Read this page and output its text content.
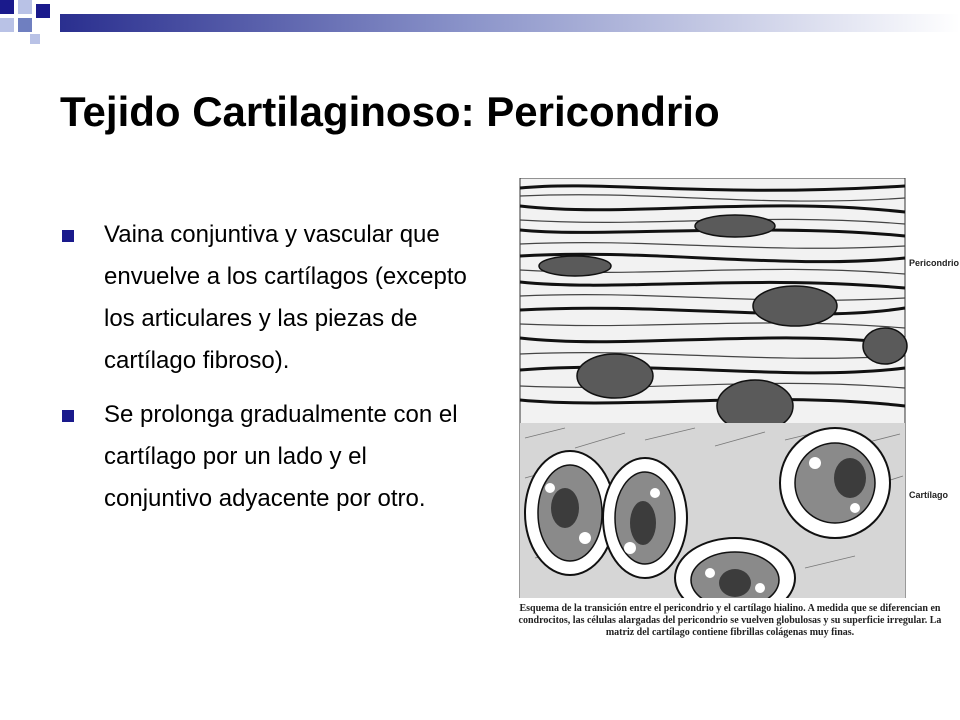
Tejido Cartilaginoso: Pericondrio
Vaina conjuntiva y vascular que envuelve a los cartílagos (excepto los articulares y las piezas de cartílago fibroso).
Se prolonga gradualmente con el cartílago por un lado y el conjuntivo adyacente por otro.
Pericondrio
Cartílago
Esquema de la transición entre el pericondrio y el cartílago hialino. A medida que se diferencian en condrocitos, las células alargadas del pericondrio se vuelven globulosas y su superficie irregular. La matriz del cartílago contiene fibrillas colágenas muy finas.
